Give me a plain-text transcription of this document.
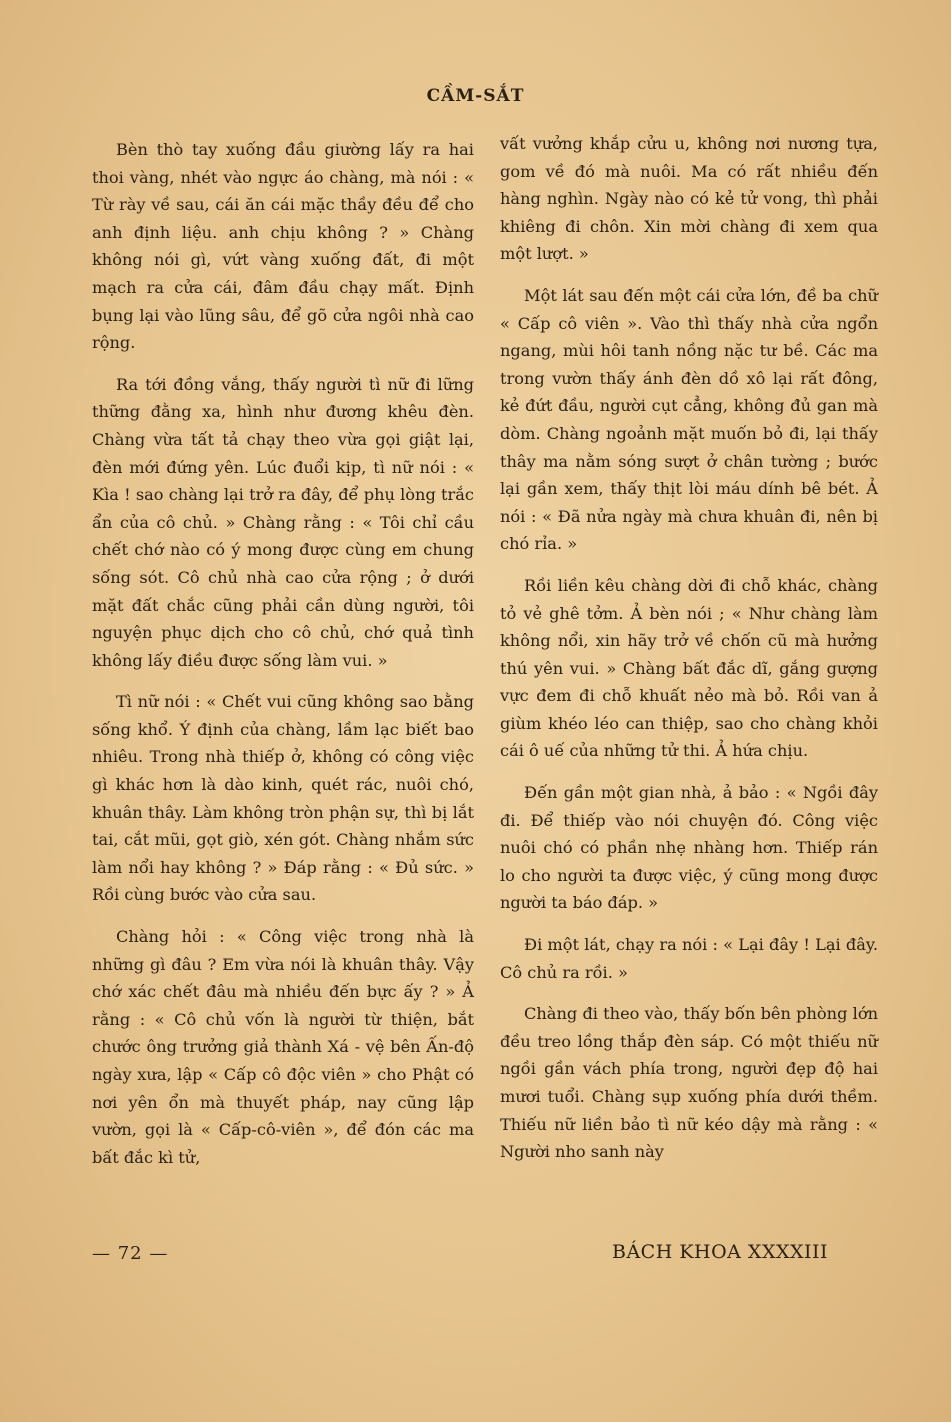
CẦM-SẮT

Bèn thò tay xuống đầu giường lấy ra hai thoi vàng, nhét vào ngực áo chàng, mà nói : « Từ rày về sau, cái ăn cái mặc thầy đều để cho anh định liệu. anh chịu không ? » Chàng không nói gì, vứt vàng xuống đất, đi một mạch ra cửa cái, đâm đầu chạy mất. Định bụng lại vào lũng sâu, để gõ cửa ngôi nhà cao rộng.

Ra tới đồng vắng, thấy người tì nữ đi lững thững đằng xa, hình như đương khêu đèn. Chàng vừa tất tả chạy theo vừa gọi giật lại, đèn mới đứng yên. Lúc đuổi kịp, tì nữ nói : « Kìa ! sao chàng lại trở ra đây, để phụ lòng trắc ẩn của cô chủ. » Chàng rằng : « Tôi chỉ cầu chết chớ nào có ý mong được cùng em chung sống sót. Cô chủ nhà cao cửa rộng ; ở dưới mặt đất chắc cũng phải cần dùng người, tôi nguyện phục dịch cho cô chủ, chớ quả tình không lấy điều được sống làm vui. »

Tì nữ nói : « Chết vui cũng không sao bằng sống khổ. Ý định của chàng, lầm lạc biết bao nhiêu. Trong nhà thiếp ở, không có công việc gì khác hơn là dào kinh, quét rác, nuôi chó, khuân thây. Làm không tròn phận sự, thì bị lắt tai, cắt mũi, gọt giò, xén gót. Chàng nhắm sức làm nổi hay không ? » Đáp rằng : « Đủ sức. » Rồi cùng bước vào cửa sau.

Chàng hỏi : « Công việc trong nhà là những gì đâu ? Em vừa nói là khuân thây. Vậy chớ xác chết đâu mà nhiều đến bực ấy ? » Ả rằng : « Cô chủ vốn là người từ thiện, bắt chước ông trưởng giả thành Xá - vệ bên Ấn-độ ngày xưa, lập « Cấp cô độc viên » cho Phật có nơi yên ổn mà thuyết pháp, nay cũng lập vườn, gọi là « Cấp-cô-viên », để đón các ma bất đắc kì tử,

vất vưởng khắp cửu u, không nơi nương tựa, gom về đó mà nuôi. Ma có rất nhiều đến hàng nghìn. Ngày nào có kẻ tử vong, thì phải khiêng đi chôn. Xin mời chàng đi xem qua một lượt. »

Một lát sau đến một cái cửa lớn, đề ba chữ « Cấp cô viên ». Vào thì thấy nhà cửa ngổn ngang, mùi hôi tanh nồng nặc tư bề. Các ma trong vườn thấy ánh đèn dồ xô lại rất đông, kẻ đứt đầu, người cụt cẳng, không đủ gan mà dòm. Chàng ngoảnh mặt muốn bỏ đi, lại thấy thây ma nằm sóng sượt ở chân tường ; bước lại gần xem, thấy thịt lòi máu dính bê bét. Ả nói : « Đã nửa ngày mà chưa khuân đi, nên bị chó rỉa. »

Rồi liền kêu chàng dời đi chỗ khác, chàng tỏ vẻ ghê tởm. Ả bèn nói ; « Như chàng làm không nổi, xin hãy trở về chốn cũ mà hưởng thú yên vui. » Chàng bất đắc dĩ, gắng gượng vực đem đi chỗ khuất nẻo mà bỏ. Rồi van ả giùm khéo léo can thiệp, sao cho chàng khỏi cái ô uế của những tử thi. Ả hứa chịu.

Đến gần một gian nhà, ả bảo : « Ngồi đây đi. Để thiếp vào nói chuyện đó. Công việc nuôi chó có phần nhẹ nhàng hơn. Thiếp rán lo cho người ta được việc, ý cũng mong được người ta báo đáp. »

Đi một lát, chạy ra nói : « Lại đây ! Lại đây. Cô chủ ra rồi. »

Chàng đi theo vào, thấy bốn bên phòng lớn đều treo lồng thắp đèn sáp. Có một thiếu nữ ngồi gần vách phía trong, người đẹp độ hai mươi tuổi. Chàng sụp xuống phía dưới thềm. Thiếu nữ liền bảo tì nữ kéo dậy mà rằng : « Người nho sanh này

— 72 —	BÁCH KHOA XXXXIII
